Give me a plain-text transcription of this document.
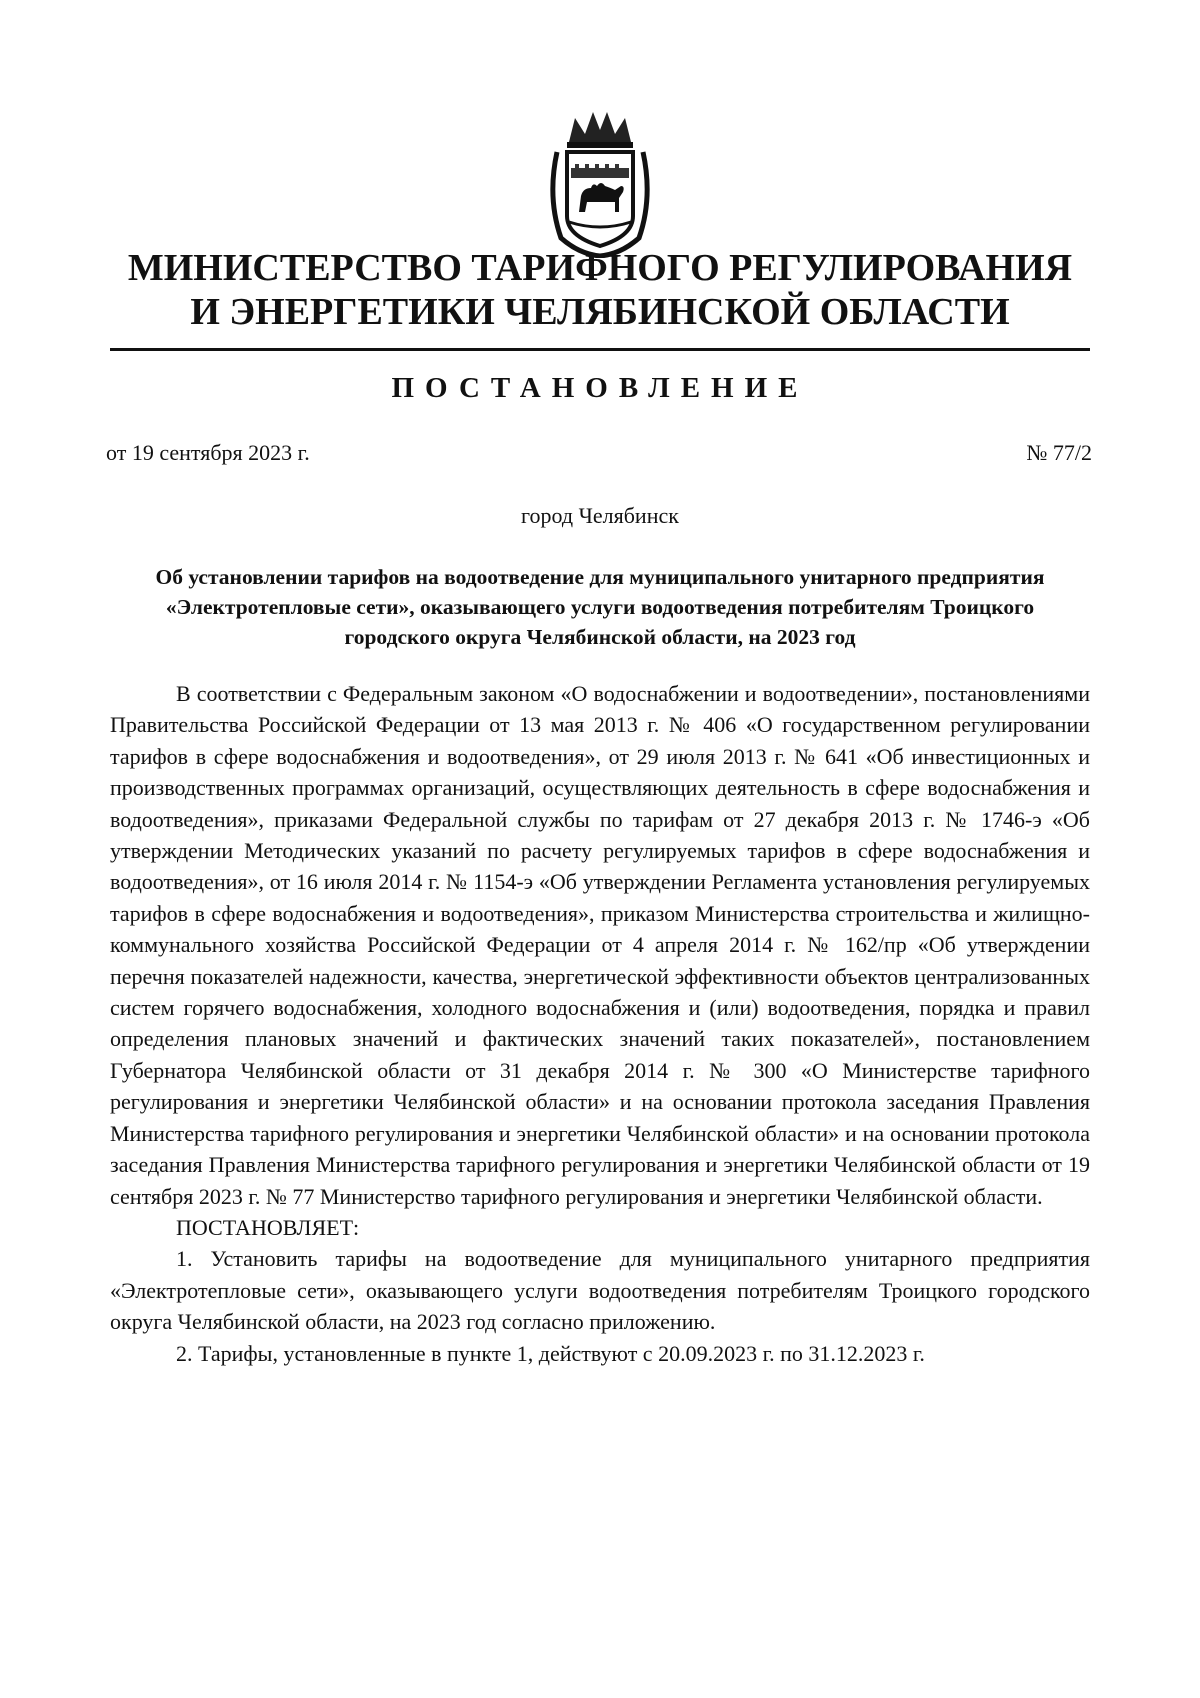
МИНИСТЕРСТВО ТАРИФНОГО РЕГУЛИРОВАНИЯ
И ЭНЕРГЕТИКИ ЧЕЛЯБИНСКОЙ ОБЛАСТИ
ПОСТАНОВЛЕНИЕ
от 19 сентября 2023 г.	№ 77/2
город Челябинск

Об установлении тарифов на водоотведение для муниципального унитарного предприятия «Электротепловые сети», оказывающего услуги водоотведения потребителям Троицкого городского округа Челябинской области, на 2023 год

В соответствии с Федеральным законом «О водоснабжении и водоотведении», постановлениями Правительства Российской Федерации от 13 мая 2013 г. № 406 «О государственном регулировании тарифов в сфере водоснабжения и водоотведения», от 29 июля 2013 г. № 641 «Об инвестиционных и производственных программах организаций, осуществляющих деятельность в сфере водоснабжения и водоотведения», приказами Федеральной службы по тарифам от 27 декабря 2013 г. № 1746-э «Об утверждении Методических указаний по расчету регулируемых тарифов в сфере водоснабжения и водоотведения», от 16 июля 2014 г. № 1154-э «Об утверждении Регламента установления регулируемых тарифов в сфере водоснабжения и водоотведения», приказом Министерства строительства и жилищно-коммунального хозяйства Российской Федерации от 4 апреля 2014 г. № 162/пр «Об утверждении перечня показателей надежности, качества, энергетической эффективности объектов централизованных систем горячего водоснабжения, холодного водоснабжения и (или) водоотведения, порядка и правил определения плановых значений и фактических значений таких показателей», постановлением Губернатора Челябинской области от 31 декабря 2014 г. № 300 «О Министерстве тарифного регулирования и энергетики Челябинской области» и на основании протокола заседания Правления Министерства тарифного регулирования и энергетики Челябинской области» и на основании протокола заседания Правления Министерства тарифного регулирования и энергетики Челябинской области от 19 сентября 2023 г. № 77 Министерство тарифного регулирования и энергетики Челябинской области.

ПОСТАНОВЛЯЕТ:

1. Установить тарифы на водоотведение для муниципального унитарного предприятия «Электротепловые сети», оказывающего услуги водоотведения потребителям Троицкого городского округа Челябинской области, на 2023 год согласно приложению.

2. Тарифы, установленные в пункте 1, действуют с 20.09.2023 г. по 31.12.2023 г.
